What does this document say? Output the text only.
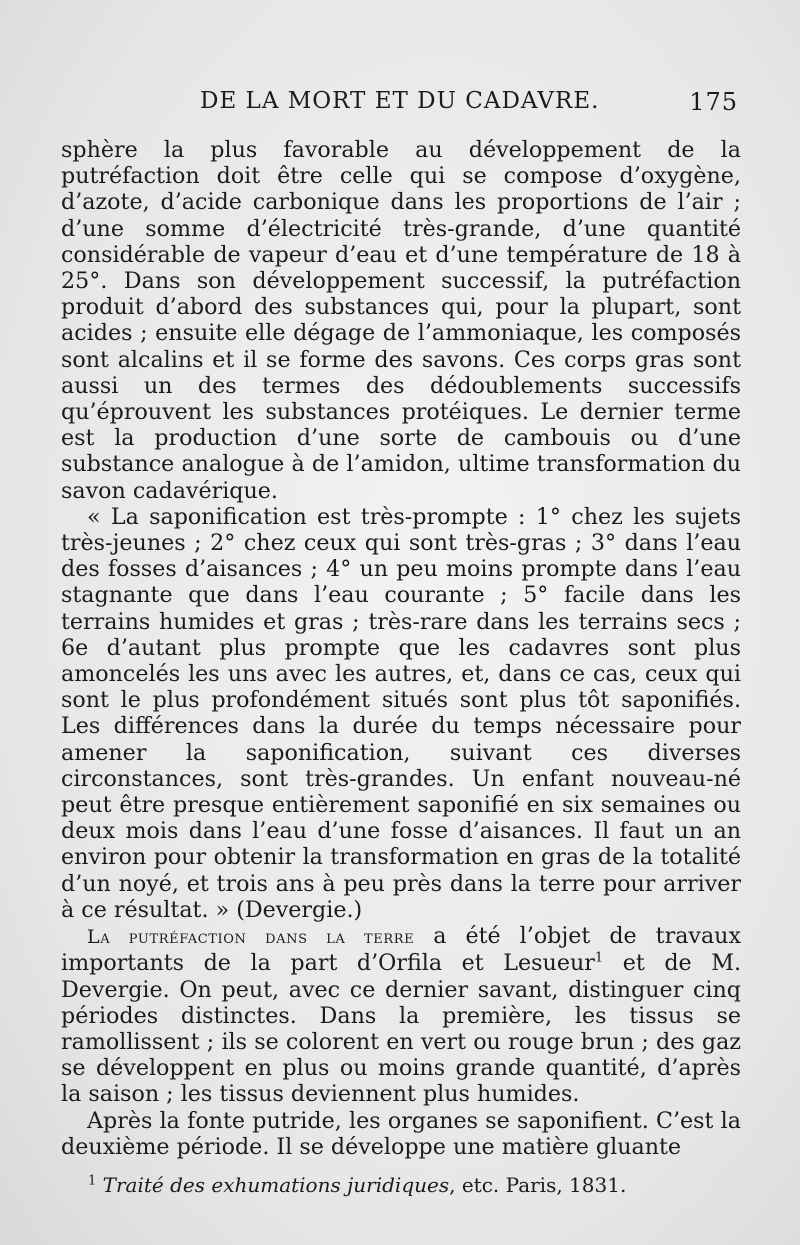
DE LA MORT ET DU CADAVRE.	175

sphère la plus favorable au développement de la putréfaction doit être celle qui se compose d’oxygène, d’azote, d’acide carbonique dans les proportions de l’air ; d’une somme d’électricité très-grande, d’une quantité considérable de vapeur d’eau et d’une température de 18 à 25°. Dans son développement successif, la putréfaction produit d’abord des substances qui, pour la plupart, sont acides ; ensuite elle dégage de l’ammoniaque, les composés sont alcalins et il se forme des savons. Ces corps gras sont aussi un des termes des dédoublements successifs qu’éprouvent les substances protéiques. Le dernier terme est la production d’une sorte de cambouis ou d’une substance analogue à de l’amidon, ultime transformation du savon cadavérique.

« La saponification est très-prompte : 1° chez les sujets très-jeunes ; 2° chez ceux qui sont très-gras ; 3° dans l’eau des fosses d’aisances ; 4° un peu moins prompte dans l’eau stagnante que dans l’eau courante ; 5° facile dans les terrains humides et gras ; très-rare dans les terrains secs ; 6e d’autant plus prompte que les cadavres sont plus amoncelés les uns avec les autres, et, dans ce cas, ceux qui sont le plus profondément situés sont plus tôt saponifiés. Les différences dans la durée du temps nécessaire pour amener la saponification, suivant ces diverses circonstances, sont très-grandes. Un enfant nouveau-né peut être presque entièrement saponifié en six semaines ou deux mois dans l’eau d’une fosse d’aisances. Il faut un an environ pour obtenir la transformation en gras de la totalité d’un noyé, et trois ans à peu près dans la terre pour arriver à ce résultat. » (Devergie.)

La putréfaction dans la terre a été l’objet de travaux importants de la part d’Orfila et Lesueur$^1$ et de M. Devergie. On peut, avec ce dernier savant, distinguer cinq périodes distinctes. Dans la première, les tissus se ramollissent ; ils se colorent en vert ou rouge brun ; des gaz se développent en plus ou moins grande quantité, d’après la saison ; les tissus deviennent plus humides.

Après la fonte putride, les organes se saponifient. C’est la deuxième période. Il se développe une matière gluante

$^1$ Traité des exhumations juridiques, etc. Paris, 1831.
